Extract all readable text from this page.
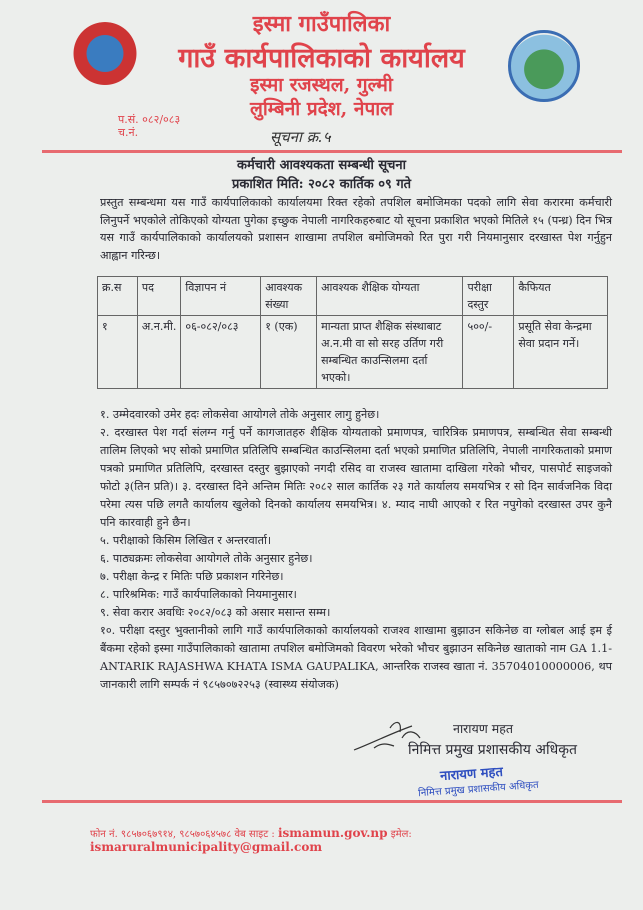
इस्मा गाउँपालिका
गाउँ कार्यपालिकाको कार्यालय
इस्मा रजस्थल, गुल्मी
लुम्बिनी प्रदेश, नेपाल
प.सं. ०८२/०८३
च.नं.	सूचना क्र.५
कर्मचारी आवश्यकता सम्बन्धी सूचना
प्रकाशित मिति: २०८२ कार्तिक ०९ गते
प्रस्तुत सम्बन्धमा यस गाउँ कार्यपालिकाको कार्यालयमा रिक्त रहेको तपशिल बमोजिमका पदको लागि सेवा करारमा कर्मचारी लिनुपर्ने भएकोले तोकिएको योग्यता पुगेका इच्छुक नेपाली नागरिकहरुबाट यो सूचना प्रकाशित भएको मितिले १५ (पन्ध्र) दिन भित्र यस गाउँ कार्यपालिकाको कार्यालयको प्रशासन शाखामा तपशिल बमोजिमको रित पुरा गरी नियमानुसार दरखास्त पेश गर्नुहुन आह्वान गरिन्छ।
क्र.स	पद	विज्ञापन नं	आवश्यक संख्या	आवश्यक शैक्षिक योग्यता	परीक्षा दस्तुर	कैफियत
१	अ.न.मी.	०६-०८२/०८३	१ (एक)	मान्यता प्राप्त शैक्षिक संस्थाबाट अ.न.मी वा सो सरह उर्तिण गरी सम्बन्धित काउन्सिलमा दर्ता भएको।	५००/-	प्रसूति सेवा केन्द्रमा सेवा प्रदान गर्ने।

१. उम्मेदवारको उमेर हदः लोकसेवा आयोगले तोके अनुसार लागु हुनेछ।

२. दरखास्त पेश गर्दा संलग्न गर्नु पर्ने कागजातहरु शैक्षिक योग्यताको प्रमाणपत्र, चारित्रिक प्रमाणपत्र, सम्बन्धित सेवा सम्बन्धी तालिम लिएको भए सोको प्रमाणित प्रतिलिपि सम्बन्धित काउन्सिलमा दर्ता भएको प्रमाणित प्रतिलिपि, नेपाली नागरिकताको प्रमाण पत्रको प्रमाणित प्रतिलिपि, दरखास्त दस्तुर बुझाएको नगदी रसिद वा राजस्व खातामा दाखिला गरेको भौचर, पासपोर्ट साइजको फोटो ३(तिन प्रति)। ३. दरखास्त दिने अन्तिम मितिः २०८२ साल कार्तिक २३ गते कार्यालय समयभित्र र सो दिन सार्वजनिक विदा परेमा त्यस पछि लगतै कार्यालय खुलेको दिनको कार्यालय समयभित्र। ४. म्याद नाघी आएको र रित नपुगेको दरखास्त उपर कुनै पनि कारवाही हुने छैन।

५. परीक्षाको किसिम लिखित र अन्तरवार्ता।

६. पाठ्यक्रमः लोकसेवा आयोगले तोके अनुसार हुनेछ।

७. परीक्षा केन्द्र र मितिः पछि प्रकाशन गरिनेछ।

८. पारिश्रमिक: गाउँ कार्यपालिकाको नियमानुसार।

९. सेवा करार अवधिः २०८२/०८३ को असार मसान्त सम्म।

१०. परीक्षा दस्तुर भुक्तानीको लागि गाउँ कार्यपालिकाको कार्यालयको राजश्व शाखामा बुझाउन सकिनेछ वा ग्लोबल आई इम ई बैंकमा रहेको इस्मा गाउँपालिकाको खातामा तपशिल बमोजिमको विवरण भरेको भौचर बुझाउन सकिनेछ खाताको नाम GA 1.1-ANTARIK RAJASHWA KHATA ISMA GAUPALIKA, आन्तरिक राजस्व खाता नं. 35704010000006, थप जानकारी लागि सम्पर्क नं ९८५७०७२२५३ (स्वास्थ्य संयोजक)

नारायण महत
निमित्त प्रमुख प्रशासकीय अधिकृत
नारायण महत
निमित्त प्रमुख प्रशासकीय अधिकृत
फोन नं. ९८५७०६७९१४, ९८५७०६४५७८ वेब साइट : ismamun.gov.np इमेल: ismaruralmunicipality@gmail.com
